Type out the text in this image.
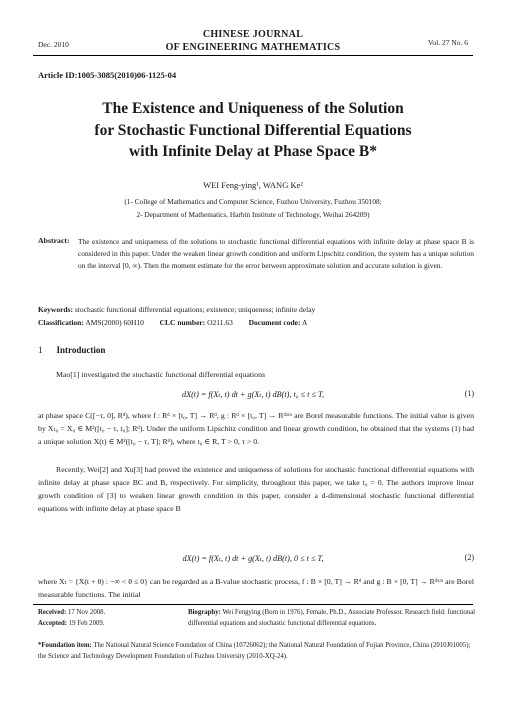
Dec. 2010
CHINESE JOURNAL
OF ENGINEERING MATHEMATICS	Vol. 27 No. 6
Article ID:1005-3085(2010)06-1125-04
The Existence and Uniqueness of the Solution
for Stochastic Functional Differential Equations
with Infinite Delay at Phase Space B*
WEI Feng-ying¹, WANG Ke²
(1- College of Mathematics and Computer Science, Fuzhou University, Fuzhou 350108;
2- Department of Mathematics, Harbin Institute of Technology, Weihai 264209)
Abstract: The existence and uniqueness of the solutions to stochastic functional differential equations with infinite delay at phase space B is considered in this paper. Under the weaken linear growth condition and uniform Lipschitz condition, the system has a unique solution on the interval [0, ∞). Then the moment estimate for the error between approximate solution and accurate solution is given.
Keywords: stochastic functional differential equations; existence; uniqueness; infinite delay
Classification: AMS(2000) 60H10 CLC number: O211.63 Document code: A
1 Introduction
Mao[1] investigated the stochastic functional differential equations
dX(t) = f(Xₜ, t) dt + g(Xₜ, t) dB(t), t₀ ≤ t ≤ T,	(1)
at phase space C([−τ, 0], Rᵈ), where f : Rᵈ × [t₀, T] → Rᵈ, g : Rᵈ × [t₀, T] → Rᵈˣᵐ are Borel measurable functions. The initial value is given by Xₜ₀ = X₀ ∈ M²([t₀ − τ, t₀]; Rᵈ). Under the uniform Lipschitz condition and linear growth condition, he obtained that the systems (1) had a unique solution X(t) ∈ M²([t₀ − τ, T]; Rᵈ), where t₀ ∈ R, T > 0, τ > 0.
Recently, Wei[2] and Xu[3] had proved the existence and uniqueness of solutions for stochastic functional differential equations with infinite delay at phase space BC and B, respectively. For simplicity, throughout this paper, we take t₀ = 0. The authors improve linear growth condition of [3] to weaken linear growth condition in this paper, consider a d-dimensional stochastic functional differential equations with infinite delay at phase space B
dX(t) = f(Xₜ, t) dt + g(Xₜ, t) dB(t), 0 ≤ t ≤ T,	(2)
where Xₜ = {X(t + θ) : −∞ < θ ≤ 0} can be regarded as a B-value stochastic process, f : B × [0, T] → Rᵈ and g : B × [0, T] → Rᵈˣᵐ are Borel measurable functions. The initial
Received: 17 Nov 2008.
Accepted: 19 Feb 2009.
Biography: Wei Fengying (Born in 1976), Female, Ph.D., Associate Professor. Research field: functional differential equations and stochastic functional differential equations.
*Foundation item: The National Natural Science Foundation of China (10726062); the National Natural Foundation of Fujian Province, China (2010J01005); the Science and Technology Development Foundation of Fuzhou University (2010-XQ-24).
